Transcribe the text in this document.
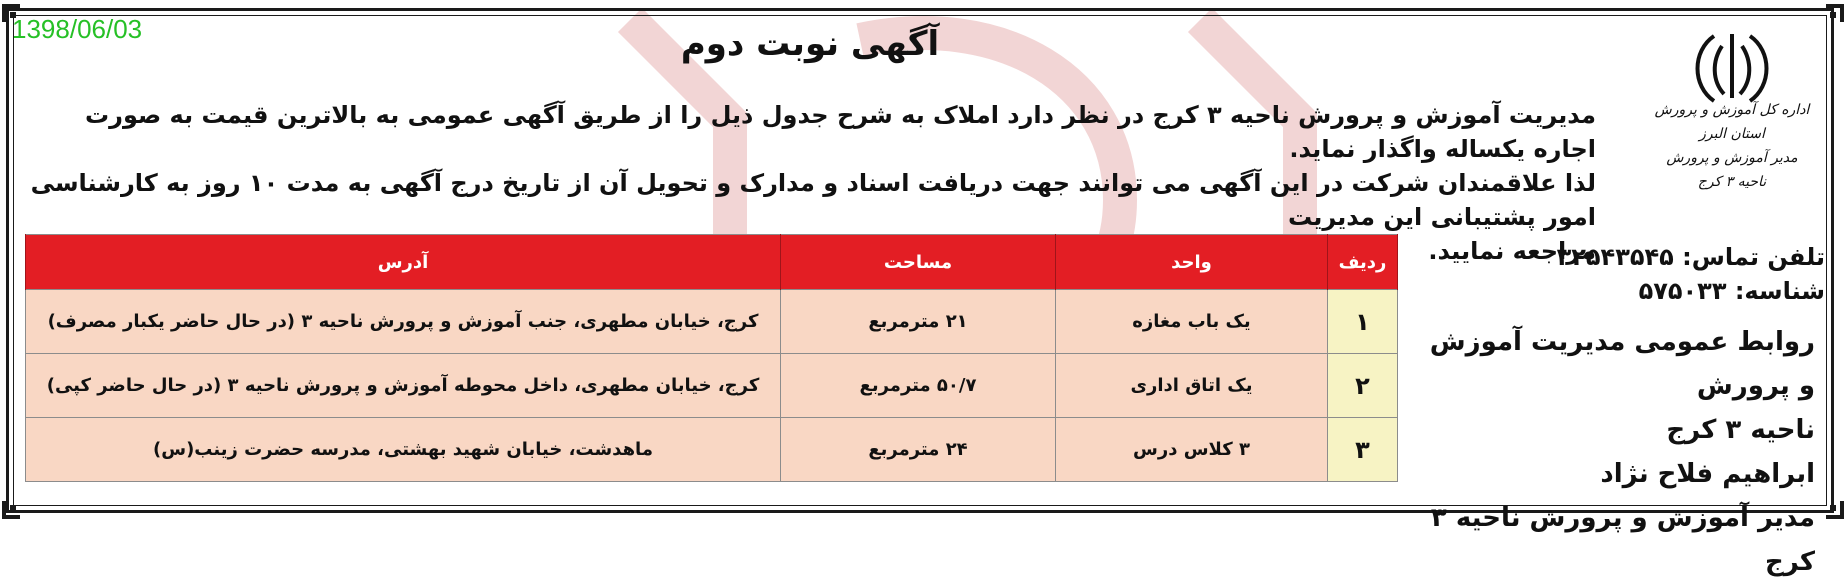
1398/06/03	آگهی نوبت دوم

مدیریت آموزش و پرورش ناحیه ۳ کرج در نظر دارد املاک به شرح جدول ذیل را از طریق آگهی عمومی به بالاترین قیمت به صورت اجاره یکساله واگذار نماید.

لذا علاقمندان شرکت در این آگهی می توانند جهت دریافت اسناد و مدارک و تحویل آن از تاریخ درج آگهی به مدت ۱۰ روز به کارشناسی امور پشتیبانی این مدیریت

مراجعه نمایید.

اداره کل آموزش و پرورش
استان البرز
مدیر آموزش و پرورش ناحیه ۳ کرج
ردیف	واحد	مساحت	آدرس
۱	یک باب مغازه	۲۱ مترمربع	کرج، خیابان مطهری، جنب آموزش و پرورش ناحیه ۳ (در حال حاضر یکبار مصرف)
۲	یک اتاق اداری	۵۰/۷ مترمربع	کرج، خیابان مطهری، داخل محوطه آموزش و پرورش ناحیه ۳ (در حال حاضر کپی)
۳	۳ کلاس درس	۲۴ مترمربع	ماهدشت، خیابان شهید بهشتی، مدرسه حضرت زینب(س)
تلفن تماس: ۳۲۵۴۳۵۴۵
شناسه: ۵۷۵۰۳۳
روابط عمومی مدیریت آموزش و پرورش
ناحیه ۳ کرج
ابراهیم فلاح نژاد
مدیر آموزش و پرورش ناحیه ۳ کرج
